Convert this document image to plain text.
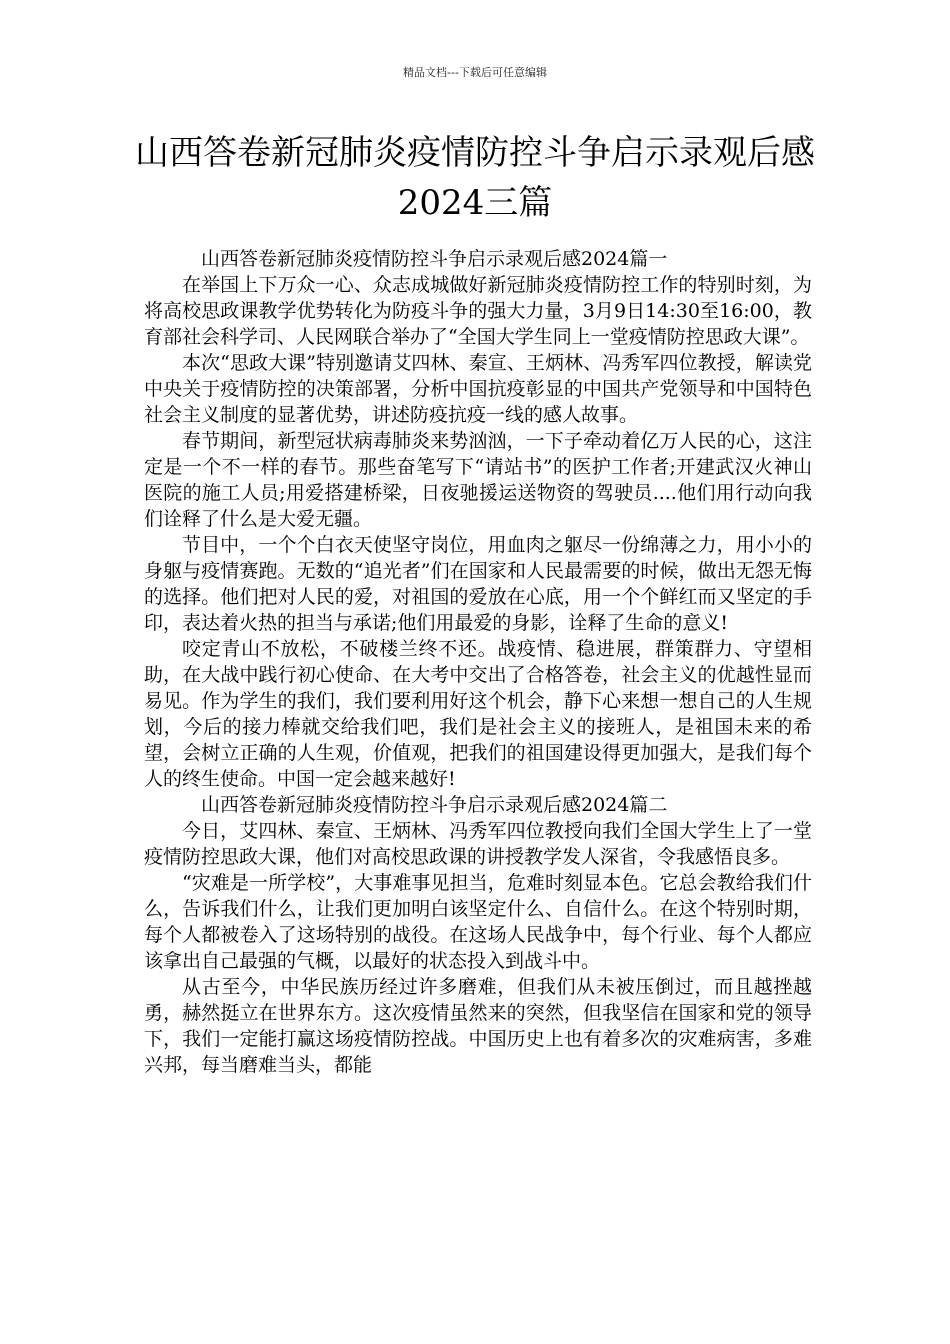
精品文档---下载后可任意编辑
山西答卷新冠肺炎疫情防控斗争启示录观后感2024三篇

山西答卷新冠肺炎疫情防控斗争启示录观后感2024篇一

在举国上下万众一心、众志成城做好新冠肺炎疫情防控工作的特别时刻，为将高校思政课教学优势转化为防疫斗争的强大力量，3月9日14:30至16:00，教育部社会科学司、人民网联合举办了“全国大学生同上一堂疫情防控思政大课”。

本次“思政大课”特别邀请艾四林、秦宣、王炳林、冯秀军四位教授，解读党中央关于疫情防控的决策部署，分析中国抗疫彰显的中国共产党领导和中国特色社会主义制度的显著优势，讲述防疫抗疫一线的感人故事。

春节期间，新型冠状病毒肺炎来势汹汹，一下子牵动着亿万人民的心，这注定是一个不一样的春节。那些奋笔写下“请站书”的医护工作者;开建武汉火神山医院的施工人员;用爱搭建桥梁，日夜驰援运送物资的驾驶员....他们用行动向我们诠释了什么是大爱无疆。

节目中，一个个白衣天使坚守岗位，用血肉之躯尽一份绵薄之力，用小小的身躯与疫情赛跑。无数的“追光者”们在国家和人民最需要的时候，做出无怨无悔的选择。他们把对人民的爱，对祖国的爱放在心底，用一个个鲜红而又坚定的手印，表达着火热的担当与承诺;他们用最爱的身影，诠释了生命的意义!

咬定青山不放松，不破楼兰终不还。战疫情、稳进展，群策群力、守望相助，在大战中践行初心使命、在大考中交出了合格答卷，社会主义的优越性显而易见。作为学生的我们，我们要利用好这个机会，静下心来想一想自己的人生规划，今后的接力棒就交给我们吧，我们是社会主义的接班人，是祖国未来的希望，会树立正确的人生观，价值观，把我们的祖国建设得更加强大，是我们每个人的终生使命。中国一定会越来越好!

山西答卷新冠肺炎疫情防控斗争启示录观后感2024篇二

今日，艾四林、秦宣、王炳林、冯秀军四位教授向我们全国大学生上了一堂疫情防控思政大课，他们对高校思政课的讲授教学发人深省，令我感悟良多。

“灾难是一所学校”，大事难事见担当，危难时刻显本色。它总会教给我们什么，告诉我们什么，让我们更加明白该坚定什么、自信什么。在这个特别时期，每个人都被卷入了这场特别的战役。在这场人民战争中，每个行业、每个人都应该拿出自己最强的气概，以最好的状态投入到战斗中。

从古至今，中华民族历经过许多磨难，但我们从未被压倒过，而且越挫越勇，赫然挺立在世界东方。这次疫情虽然来的突然，但我坚信在国家和党的领导下，我们一定能打赢这场疫情防控战。中国历史上也有着多次的灾难病害，多难兴邦，每当磨难当头，都能
